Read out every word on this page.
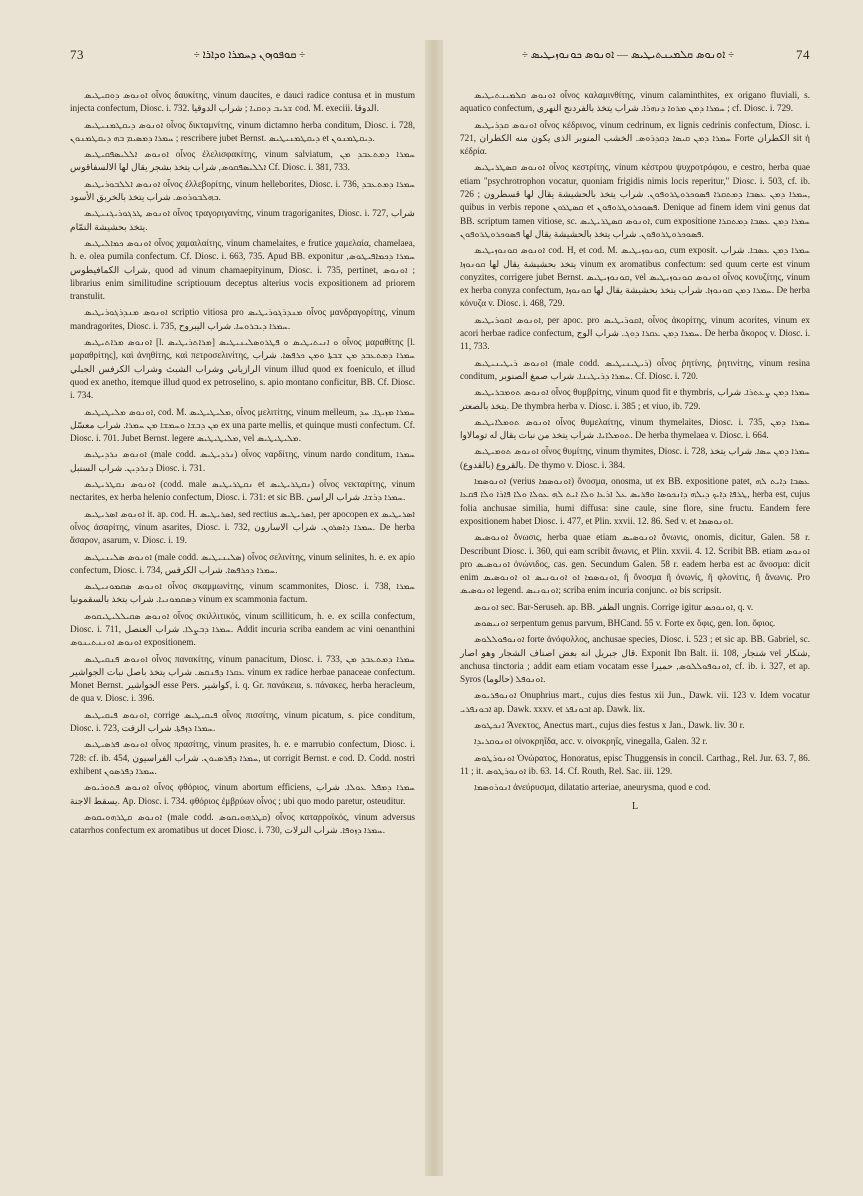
73	÷ ܩܘܦܘܙܘܢ ܕܚܡܪܐ ܘܕܐܪܐ ÷

ܐܘܢܘܣ ܕܘܩܝܛܝܣ οἶνος δαυκίτης, vinum daucites, e dauci radice contusa et in mustum injecta confectum, Diosc. i. 732. ܫܪܝܒ ܕܘܩܝܐ ; شراب الدوقيا cod. M. execiii. الدوقا.

ܐܘܢܘܣ ܕܝܩܛܡܢܝܛܝܣ οἶνος δικταμνίτης, vinum dictamno herba conditum, Diosc. i. 728, ܚܡܪܐ ܕܡܣܝܡ ܒܗ ܕܝܩܛܡܢܘܢ ; rescribere jubet Bernst. ܕܝܩܛܡܢܝܛܝܣ et ܕܝܩܛܡܢܘܢ.

ܐܘܢܘܣ ܐܠܠܝܣܦܩܝܛܝܣ οἶνος ἐλελισφακίτης, vinum salviatum, ܚܡܪܐ ܕܡܬܥܒܕ ܡܢ ܐܠܠܝܣܦܩܘܣ, شراب يتخذ بشجر يقال لها الالسفاقوس Cf. Diosc. i. 381, 733.

ܐܘܢܘܣ ܐܠܠܒܘܪܝܛܝܣ οἶνος ἐλλεβορίτης, vinum helleborites, Diosc. i. 736, ܚܡܪܐ ܕܡܬܥܒܕ ܒܗܠܒܘܪܘܣ. شراب يتخذ بالخربق الأسود.

ܐܘܢܘܣ ܛܪܓܘܪܝܓܢܝܛܝܣ οἶνος τραγοριγανίτης, vinum tragoriganites, Diosc. i. 727, شراب يتخذ بحشيشة النمّام.

ܐܘܢܘܣ ܟܡܐܠܝܛܝܣ οἶνος χαμαιλαίτης, vinum chamelaites, e frutice χαμελαία, chamelaea, h. e. olea pumila confectum. Cf. Diosc. i. 663, 735. Apud BB. exponitur ܚܡܪܐ ܕܟܡܐܦܝܛܘܣ, شراب الكمافيطوس, quod ad vinum chamaepityinum, Diosc. i. 735, pertinet, ܐܘܢܘܣ ; librarius enim similitudine scriptiouum deceptus alterius vocis expositionem ad priorem transtulit.

ܐܘܢܘܣ ܡܢܕܪܓܘܪܝܛܝܣ scriptio vitiosa pro ܡܢܕܪܓܘܪܝܛܝܣ οἶνος μανδραγορίτης, vinum mandragorites, Diosc. i. 735, ܚܡܪܐ ܕܝܒܪܘܚܐ. شراب اليبروح.

ܐܘܢܘܣ ܡܪܐܬܝܛܝܣ [l. ܡܪܐܬܪܝܛܝܣ] ܘ ܐܢܝܬܝܛܝܣ ܘ ܦܛܪܘܣܠܝܢܝܛܝܣ οἶνος μαραθίτης [l. μαραθρίτης], καὶ ἀνηθίτης, καὶ πετροσελινίτης, ܚܡܪܐ ܕܡܬܥܒܕ ܡܢ ܫܒܬܐ ܘܡܢ ܟܪܦܣܐ. شراب الرازياني وشراب الشبث وشراب الكرفس الجبلي vinum illud quod ex foeniculo, et illud quod ex anetho, itemque illud quod ex petroselino, s. apio montano conficitur, BB. Cf. Diosc. i. 734.

ܐܘܢܘܣ ܡܠܝܛܝܛܝܣ, cod. M. ܡܠܝܛܝܛܝܣ, οἶνος μελιτίτης, vinum melleum, ܚܡܪܐ ܡܙܝܓܐ. ܚܕ ܡܢ ܕܒܫܐ ܘܚܡܫܐ ܡܢ ܚܡܪܐ. شراب معسّل ex una parte mellis, et quinque musti confectum. Cf. Diosc. i. 701. Jubet Bernst. legere ܡܠܝܛܝܛܝܣ, vel ܡܠܝܛܝܛܝܣ.

ܐܘܢܘܣ ܢܪܕܝܛܝܣ (male codd. ܢܪܕܝܛܝܣ) οἶνος ναρδίτης, vinum nardo conditum, ܚܡܪܐ ܕܢܪܕܝܢ. شراب السنبل Diosc. i. 731.

ܐܘܢܘܣ ܢܩܛܪܝܛܝܣ (codd. male ܢܩܛܪܝܛܝܣ et ܢܩܛܪܝܛܝܣ) οἶνος νεκταρίτης, vinum nectarites, ex herba helenio confectum, Diosc. i. 731: et sic BB. ܚܡܪܐ ܕܪܫܐ. شراب الراسن.

ܐܘܢܘܣ ܐܣܪܝܛܝܣ it. ap. cod. H. ܐܣܪܝܛܝܣ, sed rectius ܐܣܪܝܛܝܣ, per apocopen ex ܐܣܪܝܛܝܣ οἶνος ἀσαρίτης, vinum asarites, Diosc. i. 732, ܚܡܪܐ ܕܐܣܪܘܢ. شراب الاسارون. De herba ἄσαρον, asarum, v. Diosc. i. 19.

ܐܘܢܘܣ ܣܠܝܢܝܛܝܣ (male codd. ܣܠܝܢܝܛܝܣ) οἶνος σελινίτης, vinum selinites, h. e. ex apio confectum, Diosc. i. 734, ܚܡܪܐ ܕܟܪܦܣܐ. شراب الكرفس.

ܐܘܢܘܣ ܣܩܡܘܢܝܛܝܣ οἶνος σκαμμωνίτης, vinum scammonites, Diosc. i. 738, ܚܡܪܐ ܕܣܩܡܘܢܝܐ. شراب يتخذ بالسقمونيا vinum ex scammonia factum.

ܐܘܢܘܣ ܣܩܝܠܠܝܛܝܩܘܣ οἶνος σκιλλιτικός, vinum scilliticum, h. e. ex scilla confectum, Diosc. i. 711, ܚܡܪܐ ܕܒܨܠܐ. شراب العنصل. Addit incuria scriba eandem ac vini oenanthini ܐܘܢܘܣ ܐܘܢܢܬܝܢܘܣ expositionem.

ܐܘܢܘܣ ܦܢܩܝܛܝܣ οἶνος πανακίτης, vinum panacitum, Diosc. i. 733, ܚܡܪܐ ܕܡܬܥܒܕ ܡܢ ܥܩܪܐ ܕܦܢܩܣ. شراب يتخذ باصل نبات الجواشير vinum ex radice herbae panaceae confectum. Monet Bernst. الجواشير esse Pers. كواشير, i. q. Gr. πανάκεια, s. πάνακες, herba heracleum, de qua v. Diosc. i. 396.

ܐܘܢܘܣ ܦܝܩܝܛܝܣ, corrige ܦܝܩܝܛܝܣ οἶνος πισσίτης, vinum picatum, s. pice conditum, Diosc. i. 723, ܚܡܪܐ ܕܙܦܬܐ. شراب الزفت.

ܐܘܢܘܣ ܦܪܣܝܛܝܣ οἶνος πρασίτης, vinum prasites, h. e. e marrubio confectum, Diosc. i. 728: cf. ib. 454, ܚܡܪܐ ܕܦܪܣܝܘܢ. شراب الفراسيون, ut corrigit Bernst. e cod. D. Codd. nostri exhibent ܚܡܪܐ ܕܦܪܣܘܢ.

ܐܘܢܘܣ ܦܬܘܪܝܘܣ οἶνος φθόριος, vinum abortum efficiens, ܚܡܪܐ ܕܡܦܠ ܥܘܠܐ. شراب يسقط الاجنة. Ap. Diosc. i. 734. φθόριος ἐμβρύων οἶνος ; ubi quo modo paretur, osteuditur.

ܐܘܢܘܣ ܩܛܪܗܘܝܩܘܣ (male codd. ܩܛܪܗܘܝܩܘܣ) οἶνος καταρροϊκός, vinum adversus catarrhos confectum ex aromatibus ut docet Diosc. i. 730, ܚܡܪܐ ܕܙܘܦܐ. شراب النزلات.

÷ ܐܘܢܘܣ ܩܠܡܝܢܬܝܛܝܣ — ܐܘܢܘܣ ܟܘܢܘܙܝܛܝܣ ÷	74

ܐܘܢܘܣ ܩܠܡܝܢܬܝܛܝܣ οἶνος καλαμινθίτης, vinum calaminthites, ex origano fluviali, s. aquatico confectum, ܚܡܪܐ ܕܡܢ ܡܪܘܐ ܕܢܗܪܐ. شراب يتخذ بالفردنج النهري ; cf. Diosc. i. 729.

ܐܘܢܘܣ ܩܕܪܝܛܝܣ οἶνος κέδρινος, vinum cedrinum, ex lignis cedrinis confectum, Diosc. i. 721, ܚܡܪܐ ܕܡܢ ܩܝܣܐ ܕܩܕܪܘܣ. الخشب المنوبر الذى يكون منه الكطران Forte الكطران sit ἡ κέδρία.

ܐܘܢܘܣ ܩܣܛܪܝܛܝܣ οἶνος κεστρίτης, vinum κέστρου ψυχροτρόφου, e cestro, herba quae etiam "psychrotrophon vocatur, quoniam frigidis nimis locis reperitur," Diosc. i. 503, cf. ib. 726 ; ܚܡܪܐ ܕܡܢ ܥܣܒܐ ܕܡܬܩܪܐ ܦܣܘܟܪܘܛܪܘܦܘܢ. شراب يتخذ بالحشيشة يقال لها قسطرون, quibus in verbis repone ܩܣܛܪܘܢ et ܦܣܘܟܪܘܛܪܘܦܘܢ. Denique ad finem idem vini genus dat BB. scriptum tamen vitiose, sc. ܐܘܢܘܣ ܩܣܛܪܝܛܝܣ, cum expositione ܚܡܪܐ ܕܡܢ ܥܣܒܐ ܕܡܬܩܪܐ ܦܣܘܟܪܘܛܪܘܦܘܢ. شراب يتخذ بالحشيشة يقال لها ܦܣܘܟܪܘܛܪܘܦܘܢ.

ܐܘܢܘܣ ܩܘܢܘܙܝܛܝܣ cod. H, et cod. M. ܩܘܢܘܙܝܛܝܣ, cum exposit. ܚܡܪܐ ܕܡܢ ܥܣܒܐ. شراب يتخذ بحشيشة يقال لها ܩܘܢܘܙܐ vinum ex aromatibus confectum: sed quum certe est vinum conyzites, corrigere jubet Bernst. ܩܘܢܘܙܝܛܝܣ, vel ܐܘܢܘܣ ܩܘܢܘܙܝܛܝܣ οἶνος κονυζίτης, vinum ex herba conyza confectum, ܚܡܪܐ ܕܡܢ ܩܘܢܘܙܐ. شراب يتخذ بحشيشة يقال لها ܩܘܢܘܙܐ. De herba κόνυζα v. Diosc. i. 468, 729.

ܐܘܢܘܣ ܐܩܘܪܝܛܝܣ, per apoc. pro ܐܩܘܪܝܛܝܣ, οἶνος ἀκορίτης, vinum acorites, vinum ex acori herbae radice confectum, ܚܡܪܐ ܕܡܢ ܥܩܪܐ ܕܘܓ. شراب الوج. De herba ἄκορος v. Diosc. i. 11, 733.

ܐܘܢܘܣ ܪܝܛܝܢܝܛܝܣ (male codd. ܪܝܛܝܢܝܛܝܣ) οἶνος ῥητίνης, ῥητινίτης, vinum resina conditum, ܚܡܪܐ ܕܪܝܛܝܢܐ. شراب صمغ الصنوبر. Cf. Diosc. i. 720.

ܐܘܢܘܣ ܬܘܡܒܪܝܛܝܣ οἶνος θυμβρίτης, vinum quod fit e thymbris, ܚܡܪܐ ܕܡܢ ܨܥܬܪܐ. شراب يتخذ بالصعتر. De thymbra herba v. Diosc. i. 385 ; et viuo, ib. 729.

ܐܘܢܘܣ ܬܘܡܠܐܝܛܝܣ οἶνος θυμελαίτης, vinum thymelaites, Diosc. i. 735, ܚܡܪܐ ܕܡܢ ܬܘܡܠܐܝܐ. شراب يتخذ من نبات يقال له تومالاوا. De herba thymelaea v. Diosc. i. 664.

ܐܘܢܘܣ ܬܘܡܝܛܝܣ οἶνος θυμίτης, vinum thymites, Diosc. i. 728, ܚܡܪܐ ܕܡܢ ܚܣܐ. شراب يتخذ بالقروع (بالقدوع). De thymo v. Diosc. i. 384.

ܐܘܢܘܣܡܐ (verius ܐܘܢܘܣܡܐ) ὄνοσμα, onosma, ut ex BB. expositione patet, ܥܣܒܐ ܕܐܝܬ ܠܗ ܛܪܦܐ ܕܐܝܟ ܕܝܠܗ ܕܐܢܟܘܣܐ ܘܦܪܝܣ ܥܠ ܐܪܥܐ ܘܠܐ ܐܝܬ ܠܗ ܥܘܠܐ ܘܠܐ ܦܐܪܐ ܘܠܐ ܦܩܥܐ, herba est, cujus folia anchusae similia, humi diffusa: sine caule, sine flore, sine fructu. Eandem fere expositionem habet Diosc. i. 477, et Plin. xxvii. 12. 86. Sed v. et ܐܘܢܘܣܡܐ.

ܐܘܢܘܣܝܣ ὄνωσις, herba quae etiam ܐܘܢܘܣܝܣ ὄνωνις, onomis, dicitur, Galen. 58 r. Describunt Diosc. i. 360, qui eam scribit ἄνωνις, et Plin. xxvii. 4. 12. Scribit BB. etiam ܐܘܢܘܣ pro ܐܘܢܘܣܝܣ ὀνώνιδος, cas. gen. Secundum Galen. 58 r. eadem herba est ac ἄνοσμα: dicit enim ܐܘܢܘܣܡܐ ܐܘ ܐܘܢܘܢܝܣ ܐܘ ܐܘܢܘܣܝܣ, ἢ ὄνοσμα ἢ ὀνωνίς, ἢ φλονίτις, ἢ ἄνωνις. Pro ܐܘܢܘܣܝܣ legend. ܐܘܢܘܢܝܣ; scriba enim incuria conjunc. ܐܘ bis scripsit.

ܐܘܢܘܣ sec. Bar-Seruseh. ap. BB. الظفر ungnis. Corrige igitur ܐܘܢܘܟܣ, q. v.

ܐܘܢܝܣܘܣ serpentum genus parvum, BHCand. 55 v. Forte ex ὄφις, gen. Ion. ὄφιος.

ܐܘܢܘܦܘܠܠܘܣ forte ἀνόφυλλος, anchusae species, Diosc. i. 523 ; et sic ap. BB. Gabriel, sc. قال جبريل انه بعض اصناف الشجار وهو اصار. Exponit Ibn Balt. ii. 108, شنجار vel شنكار, anchusa tinctoria ; addit eam etiam vocatam esse ܐܘܢܘܦܘܠܠܘܣ, حميرا, cf. ib. i. 327, et ap. Syros ܐܘܢܘܦܠ (حالوما).

ܐܘܢܘܦܪܝܘܣ Onuphrius mart., cujus dies festus xii Jun., Dawk. vii. 123 v. Idem vocatur ܐܒܘܢܦܪܝ ap. Dawk. xxxv. et ܐܒܘܢܦܪ ap. Dawk. lix.

ܐܢܟܛܘܣ Ἄνεκτος, Anectus mart., cujus dies festus x Jan., Dawk. liv. 30 r.

ܐܘܢܘܩܪܝܕܐ οἰνοκρηΐδα, acc. v. οἰνοκρηΐς, vinegalla, Galen. 32 r.

ܐܘܢܘܪܛܘܣ Ὀνώρατος, Honoratus, episc Thuggensis in concil. Carthag., Rel. Jur. 63. 7, 86. 11 ; it. ܐܘܢܘܪܛܘܣ ib. 63. 14. Cf. Routh, Rel. Sac. iii. 129.

ܐܢܘܪܘܣܡܐ ἀνεύρυσμα, dilatatio arteriae, aneurysma, quod e cod.

L
